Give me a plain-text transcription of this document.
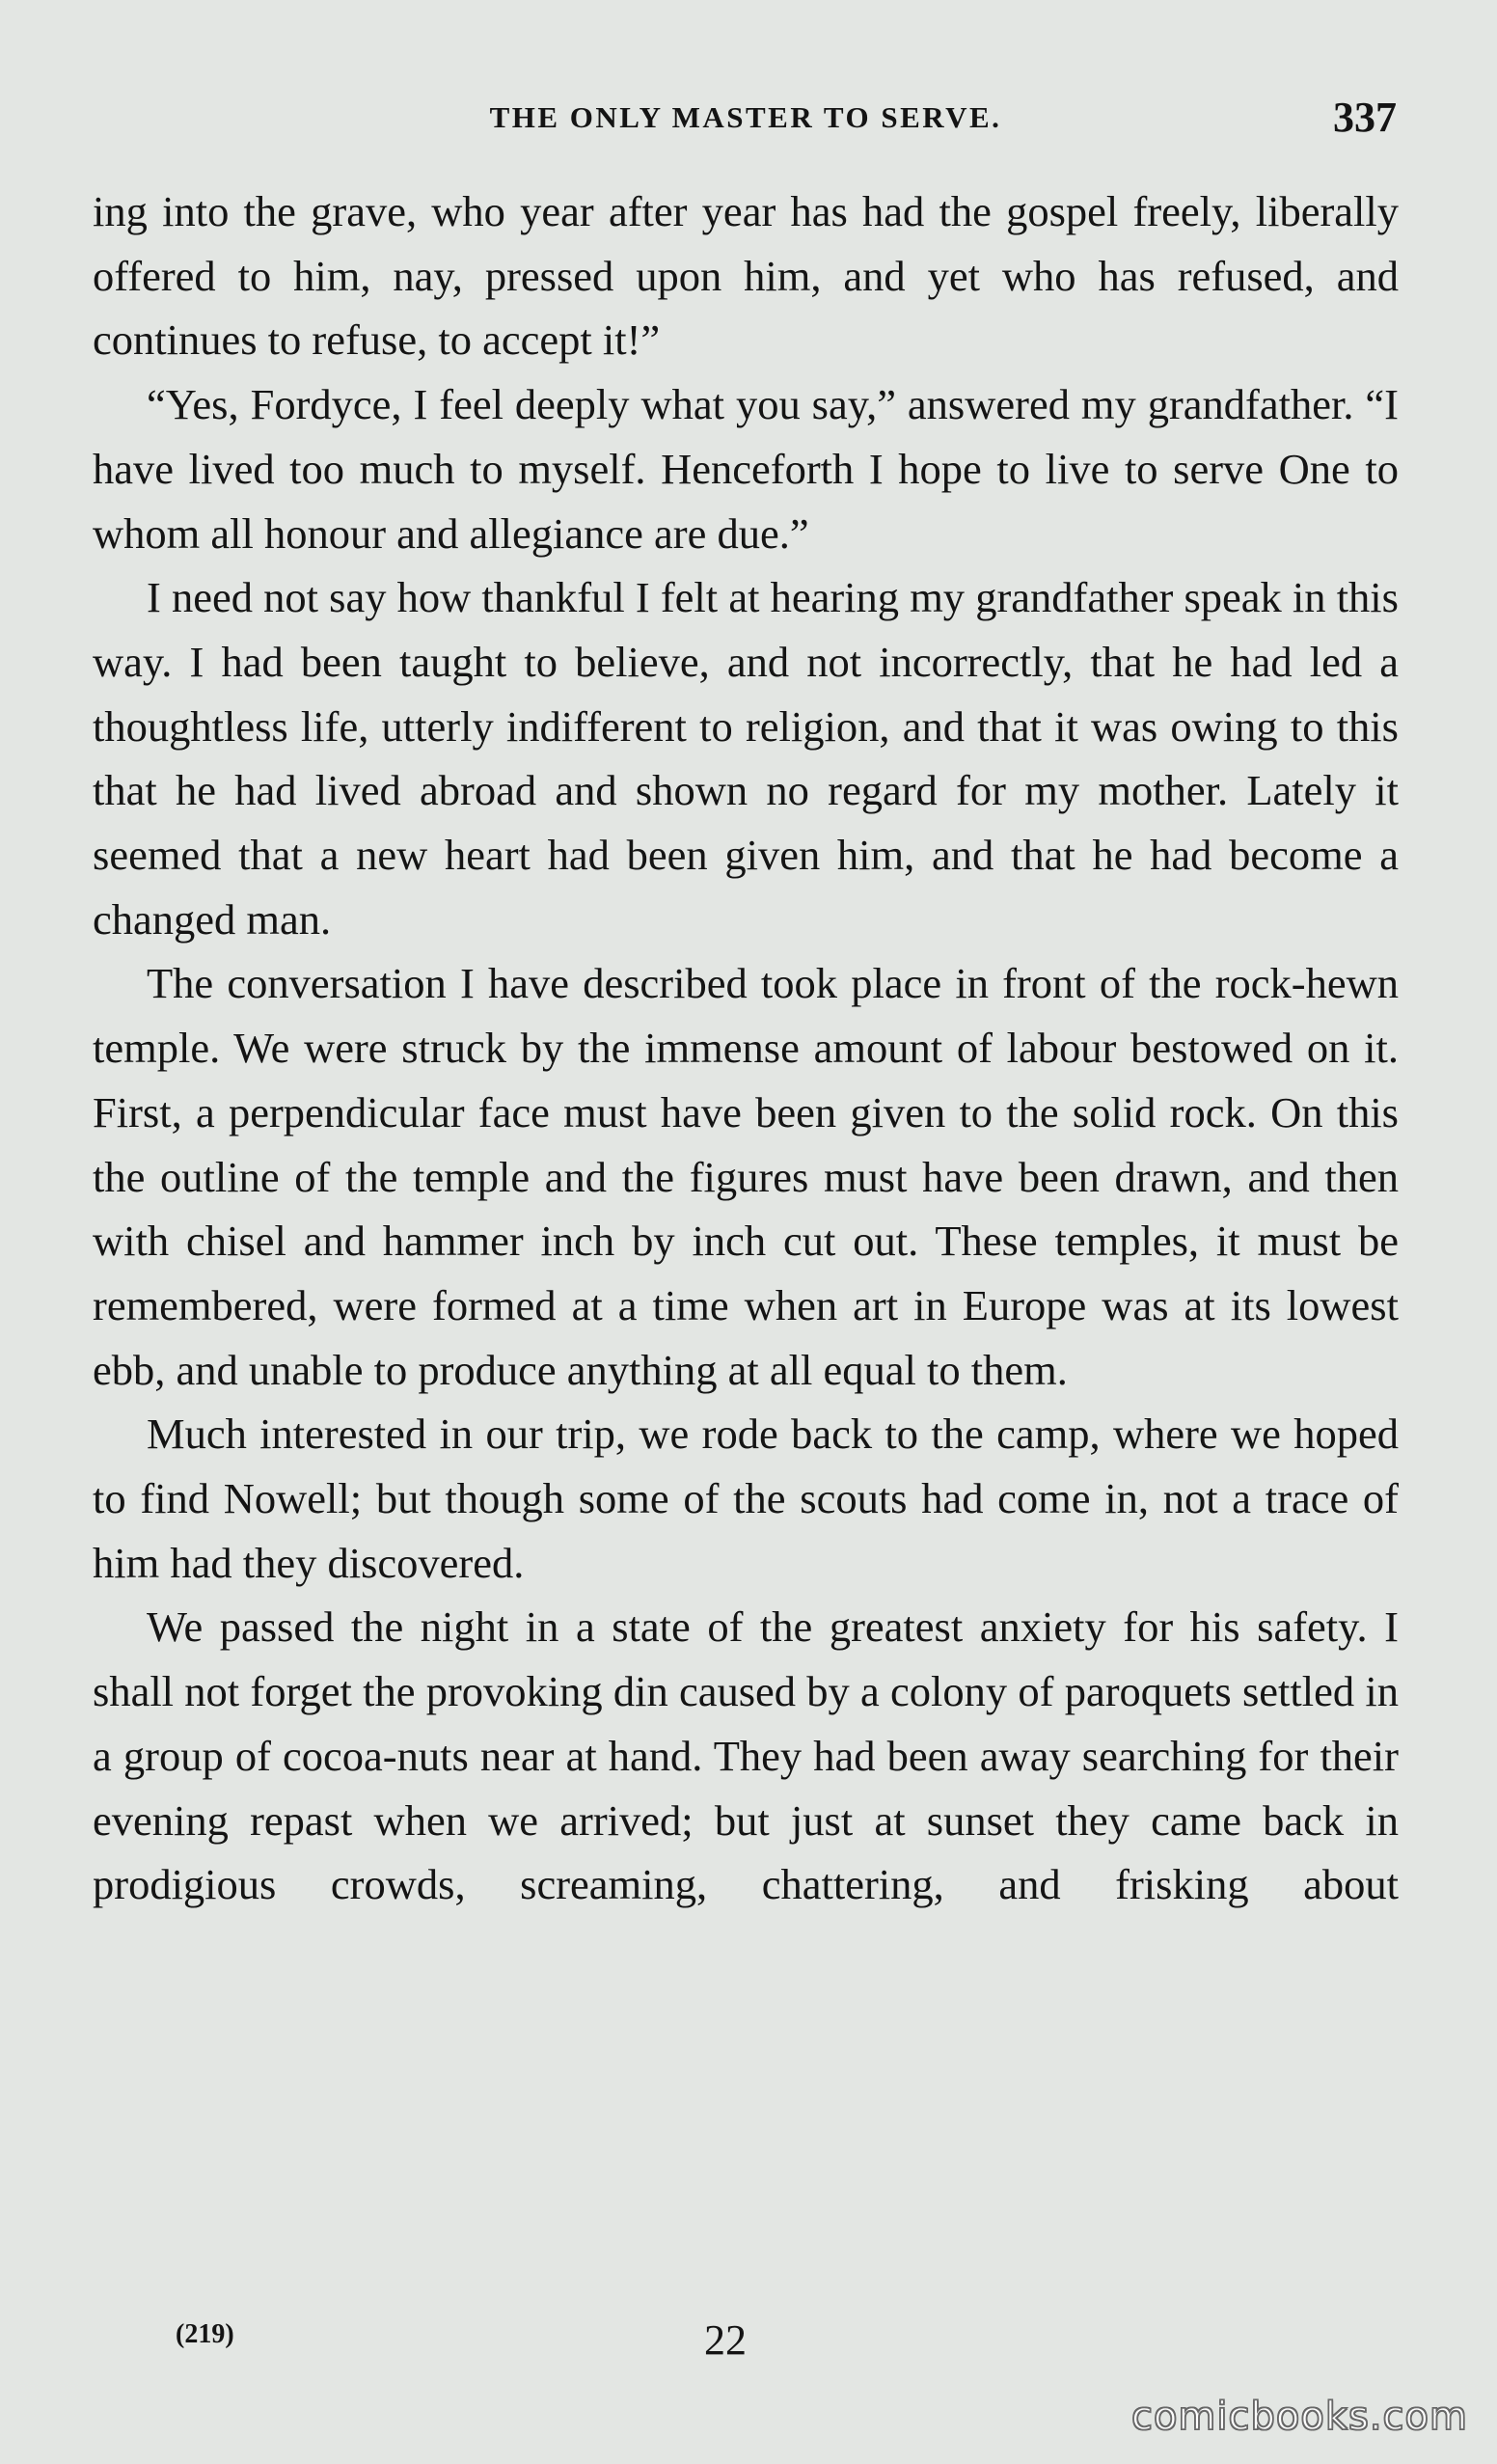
THE ONLY MASTER TO SERVE.	337

ing into the grave, who year after year has had the gospel freely, liberally offered to him, nay, pressed upon him, and yet who has refused, and continues to refuse, to accept it!”

“Yes, Fordyce, I feel deeply what you say,” answered my grandfather. “I have lived too much to myself. Henceforth I hope to live to serve One to whom all honour and allegiance are due.”

I need not say how thankful I felt at hearing my grandfather speak in this way. I had been taught to believe, and not incorrectly, that he had led a thoughtless life, utterly indifferent to religion, and that it was owing to this that he had lived abroad and shown no regard for my mother. Lately it seemed that a new heart had been given him, and that he had become a changed man.

The conversation I have described took place in front of the rock-hewn temple. We were struck by the immense amount of labour bestowed on it. First, a perpendicular face must have been given to the solid rock. On this the outline of the temple and the figures must have been drawn, and then with chisel and hammer inch by inch cut out. These temples, it must be remembered, were formed at a time when art in Europe was at its lowest ebb, and unable to produce anything at all equal to them.

Much interested in our trip, we rode back to the camp, where we hoped to find Nowell; but though some of the scouts had come in, not a trace of him had they discovered.

We passed the night in a state of the greatest anxiety for his safety. I shall not forget the provoking din caused by a colony of paroquets settled in a group of cocoa-nuts near at hand. They had been away searching for their evening repast when we arrived; but just at sunset they came back in prodigious crowds, screaming, chattering, and frisking about

(219)	22
comicbooks.com
